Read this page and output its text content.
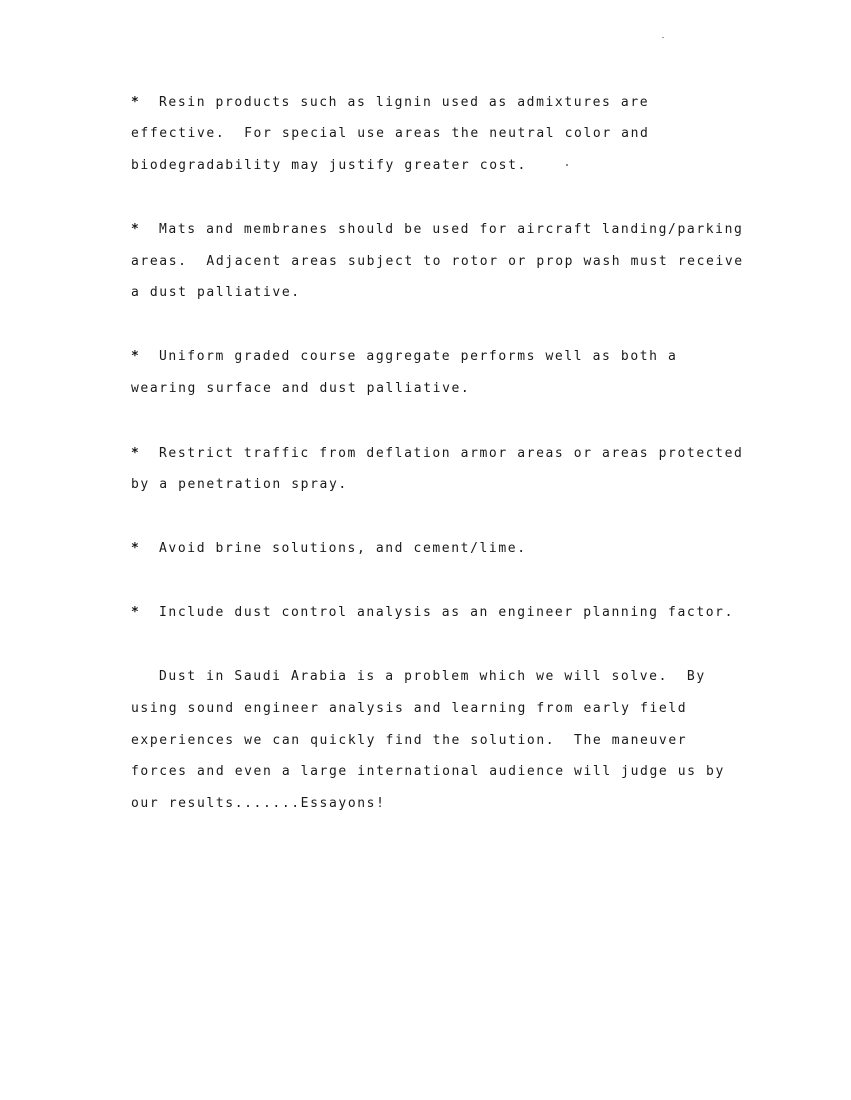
* Resin products such as lignin used as admixtures are

effective.  For special use areas the neutral color and

biodegradability may justify greater cost.

* Mats and membranes should be used for aircraft landing/parking

areas.  Adjacent areas subject to rotor or prop wash must receive

a dust palliative.

* Uniform graded course aggregate performs well as both a

wearing surface and dust palliative.

* Restrict traffic from deflation armor areas or areas protected

by a penetration spray.

* Avoid brine solutions, and cement/lime.

* Include dust control analysis as an engineer planning factor.

Dust in Saudi Arabia is a problem which we will solve.  By

using sound engineer analysis and learning from early field

experiences we can quickly find the solution.  The maneuver

forces and even a large international audience will judge us by

our results.......Essayons!
